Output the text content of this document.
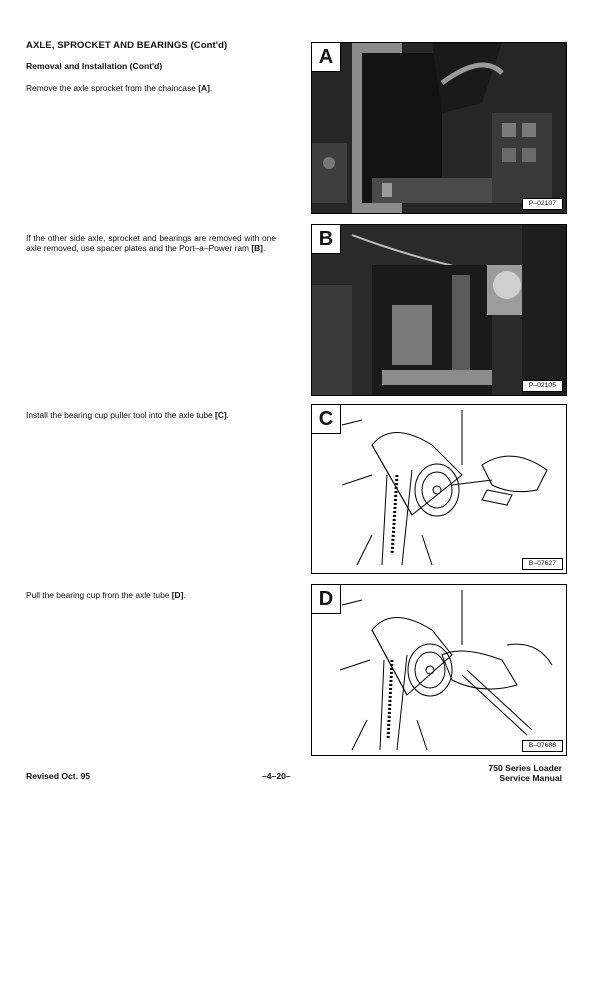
AXLE, SPROCKET AND BEARINGS (Cont'd)
Removal and Installation (Cont'd)
Remove the axle sprocket from the chaincase [A].
If the other side axle, sprocket and bearings are removed with one axle removed, use spacer plates and the Port–a–Power ram [B].
Install the bearing cup puller tool into the axle tube [C].
Pull the bearing cup from the axle tube [D].
A
P–02107
B
P–02105
C
B–07627
D
B–07686
Revised Oct. 95	–4–20–
750 Series Loader
Service Manual
